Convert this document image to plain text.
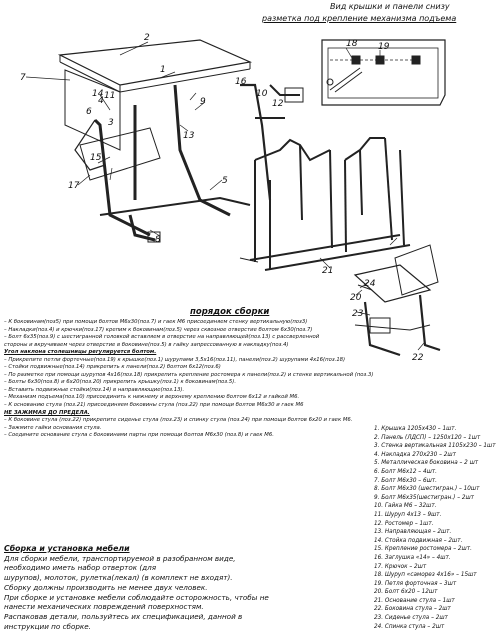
1
2
3
4
5
6
7
8
9
10
11
12
13
14
15
16
17
18 19
20
21
22
23
24
Вид крышки и панели снизу
разметка под крепление механизма подъема
порядок сборки
– К боковинам(поз5) при помощи болтов М6х30(поз.7) и гаек М6 присоединяем стенку вертикальную(поз3)
– Накладки(поз.4) и крючки(поз.17) крепим к боковинам(поз.5) через сквозное отверстие болтом 6х30(поз.7)
– Болт 6х35(поз.9) с шестигранной головкой вставляем в отверстие на направляющей(поз.13) с рассверленной
стороны и вкручиваем через отверстие в боковине(поз.5) в гайку запрессованную в накладку(поз.4)
Угол наклона столешницы регулируется болтом.
– Прикрепите петли фортечные(поз.19) к крышке(поз.1) шурупами 3,5х16(поз.11), панели(поз.2) шурупами 4х16(поз.18)
– Стойки подвижные(поз.14) прикрепить к панели(поз.2) болтом 6х12(поз.6)
– По разметке при помощи шурупов 4х16(поз.18) прикрепить крепление ростомера к панели(поз.2) и стенке вертикальной (поз.3)
– Болты 6х30(поз.8) и 6х20(поз.20) прикрепить крышку(поз.1) к боковинам(поз.5).
– Вставить подвижные стойки(поз.14) в направляющие(поз.13).
– Механизм подъема(поз.10) присоединить к нижнему и верхнему креплению болтом 6х12 и гайкой М6.
– К основанию стула (поз.21) присоединяем боковины стула (поз.22) при помощи болтов М6х30 и гаек М6
НЕ ЗАЖИМАЯ ДО ПРЕДЕЛА.
– К боковине стула (поз.22) прикрепите сиденье стула (поз.23) и спинку стула (поз.24) при помощи болтов 6х20 и гаек М6.
– Зажмите гайки основания стула.
– Соедините основание стула с боковинами парты при помощи болтов М6х30 (поз.8) и гаек М6.
1. Крышка 1205х430 – 1шт.
2. Панель (ЛДСП) – 1250х120 – 1шт
3. Стенка вертикальная 1105х230 – 1шт
4. Накладка 270х230 – 2шт
5. Металлическая боковина – 2 шт
6. Болт М6х12 – 4шт.
7. Болт М6х30 – 6шт.
8. Болт М6х30 (шестигран.) – 10шт
9. Болт М6х35(шестигран.) – 2шт
10. Гайка М6 – 32шт.
11. Шуруп 4х13 – 9шт.
12. Ростомер – 1шт.
13. Направляющая – 2шт.
14. Стойка подвижная – 2шт.
15. Крепление ростомера – 2шт.
16. Заглушка «14» – 4шт.
17. Крючок – 2шт
18. Шуруп «саморез 4х16» – 15шт
19. Петля форточная – 3шт
20. Болт 6х20 – 12шт
21. Основание стула – 1шт
22. Боковина стула – 2шт
23. Сиденье стула – 2шт
24. Спинка стула – 2шт
Сборка и установка мебели
Для сборки мебели, транспортируемой в разобранном виде,
необходимо иметь набор отверток (для
шурупов), молоток, рулетка(лекал) (в комплект не входят).
Сборку должны производить не менее двух человек.
При сборке и установке мебели соблюдайте осторожность, чтобы не
нанести механических повреждений поверхностям.
Распаковав детали, пользуйтесь их спецификацией, данной в
инструкции по сборке.
